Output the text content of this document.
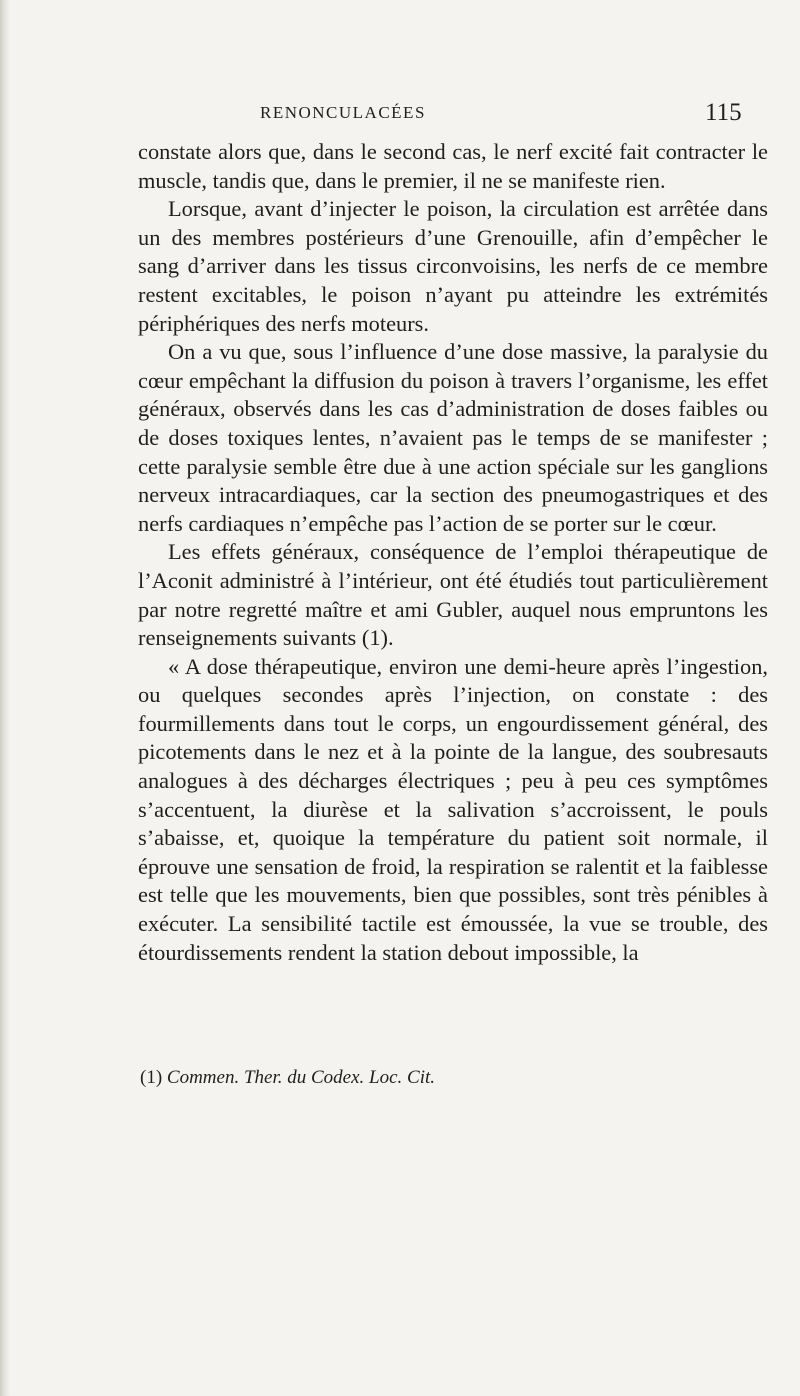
RENONCULACÉES	115

constate alors que, dans le second cas, le nerf excité fait contracter le muscle, tandis que, dans le premier, il ne se manifeste rien.

Lorsque, avant d’injecter le poison, la circulation est arrêtée dans un des membres postérieurs d’une Grenouille, afin d’empêcher le sang d’arriver dans les tissus circonvoisins, les nerfs de ce membre restent excitables, le poison n’ayant pu atteindre les extrémités périphériques des nerfs moteurs.

On a vu que, sous l’influence d’une dose massive, la paralysie du cœur empêchant la diffusion du poison à travers l’organisme, les effet généraux, observés dans les cas d’administration de doses faibles ou de doses toxiques lentes, n’avaient pas le temps de se manifester ; cette paralysie semble être due à une action spéciale sur les ganglions nerveux intracardiaques, car la section des pneumogastriques et des nerfs cardiaques n’empêche pas l’action de se porter sur le cœur.

Les effets généraux, conséquence de l’emploi thérapeutique de l’Aconit administré à l’intérieur, ont été étudiés tout particulièrement par notre regretté maître et ami Gubler, auquel nous empruntons les renseignements suivants (1).

« A dose thérapeutique, environ une demi-heure après l’ingestion, ou quelques secondes après l’injection, on constate : des fourmillements dans tout le corps, un engourdissement général, des picotements dans le nez et à la pointe de la langue, des soubresauts analogues à des décharges électriques ; peu à peu ces symptômes s’accentuent, la diurèse et la salivation s’accroissent, le pouls s’abaisse, et, quoique la température du patient soit normale, il éprouve une sensation de froid, la respiration se ralentit et la faiblesse est telle que les mouvements, bien que possibles, sont très pénibles à exécuter. La sensibilité tactile est émoussée, la vue se trouble, des étourdissements rendent la station debout impossible, la

(1) Commen. Ther. du Codex. Loc. Cit.
